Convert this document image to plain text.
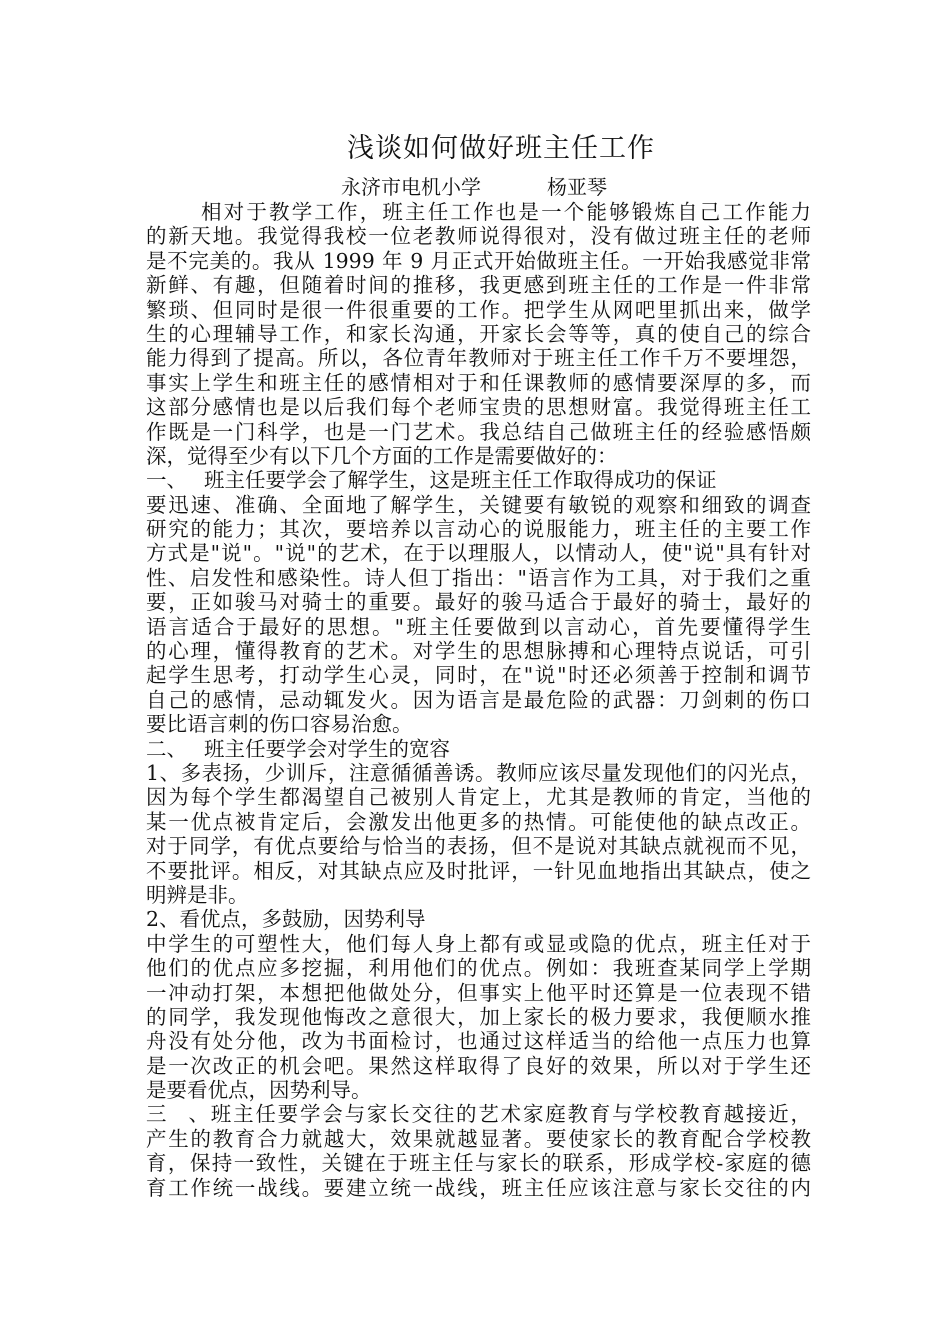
浅谈如何做好班主任工作
永济市电机小学	杨亚琴
相对于教学工作，班主任工作也是一个能够锻炼自己工作能力
的新天地。我觉得我校一位老教师说得很对，没有做过班主任的老师
是不完美的。我从 1999 年 9 月正式开始做班主任。一开始我感觉非常
新鲜、有趣，但随着时间的推移，我更感到班主任的工作是一件非常
繁琐、但同时是很一件很重要的工作。把学生从网吧里抓出来，做学
生的心理辅导工作，和家长沟通，开家长会等等，真的使自己的综合
能力得到了提高。所以，各位青年教师对于班主任工作千万不要埋怨，
事实上学生和班主任的感情相对于和任课教师的感情要深厚的多，而
这部分感情也是以后我们每个老师宝贵的思想财富。我觉得班主任工
作既是一门科学，也是一门艺术。我总结自己做班主任的经验感悟颇
深，觉得至少有以下几个方面的工作是需要做好的：
一、 班主任要学会了解学生，这是班主任工作取得成功的保证
要迅速、准确、全面地了解学生，关键要有敏锐的观察和细致的调查
研究的能力；其次，要培养以言动心的说服能力，班主任的主要工作
方式是"说"。"说"的艺术，在于以理服人，以情动人，使"说"具有针对
性、启发性和感染性。诗人但丁指出："语言作为工具，对于我们之重
要，正如骏马对骑士的重要。最好的骏马适合于最好的骑士，最好的
语言适合于最好的思想。"班主任要做到以言动心，首先要懂得学生
的心理，懂得教育的艺术。对学生的思想脉搏和心理特点说话，可引
起学生思考，打动学生心灵，同时，在"说"时还必须善于控制和调节
自己的感情，忌动辄发火。因为语言是最危险的武器：刀剑刺的伤口
要比语言刺的伤口容易治愈。
二、 班主任要学会对学生的宽容
1、多表扬，少训斥，注意循循善诱。教师应该尽量发现他们的闪光点，
因为每个学生都渴望自己被别人肯定上，尤其是教师的肯定，当他的
某一优点被肯定后，会激发出他更多的热情。可能使他的缺点改正。
对于同学，有优点要给与恰当的表扬，但不是说对其缺点就视而不见，
不要批评。相反，对其缺点应及时批评，一针见血地指出其缺点，使之
明辨是非。
2、看优点，多鼓励，因势利导
中学生的可塑性大，他们每人身上都有或显或隐的优点，班主任对于
他们的优点应多挖掘，利用他们的优点。例如：我班查某同学上学期
一冲动打架，本想把他做处分，但事实上他平时还算是一位表现不错
的同学，我发现他悔改之意很大，加上家长的极力要求，我便顺水推
舟没有处分他，改为书面检讨，也通过这样适当的给他一点压力也算
是一次改正的机会吧。果然这样取得了良好的效果，所以对于学生还
是要看优点，因势利导。
三、班主任要学会与家长交往的艺术家庭教育与学校教育越接近，
产生的教育合力就越大，效果就越显著。要使家长的教育配合学校教
育，保持一致性，关键在于班主任与家长的联系，形成学校-家庭的德
育工作统一战线。要建立统一战线，班主任应该注意与家长交往的内
